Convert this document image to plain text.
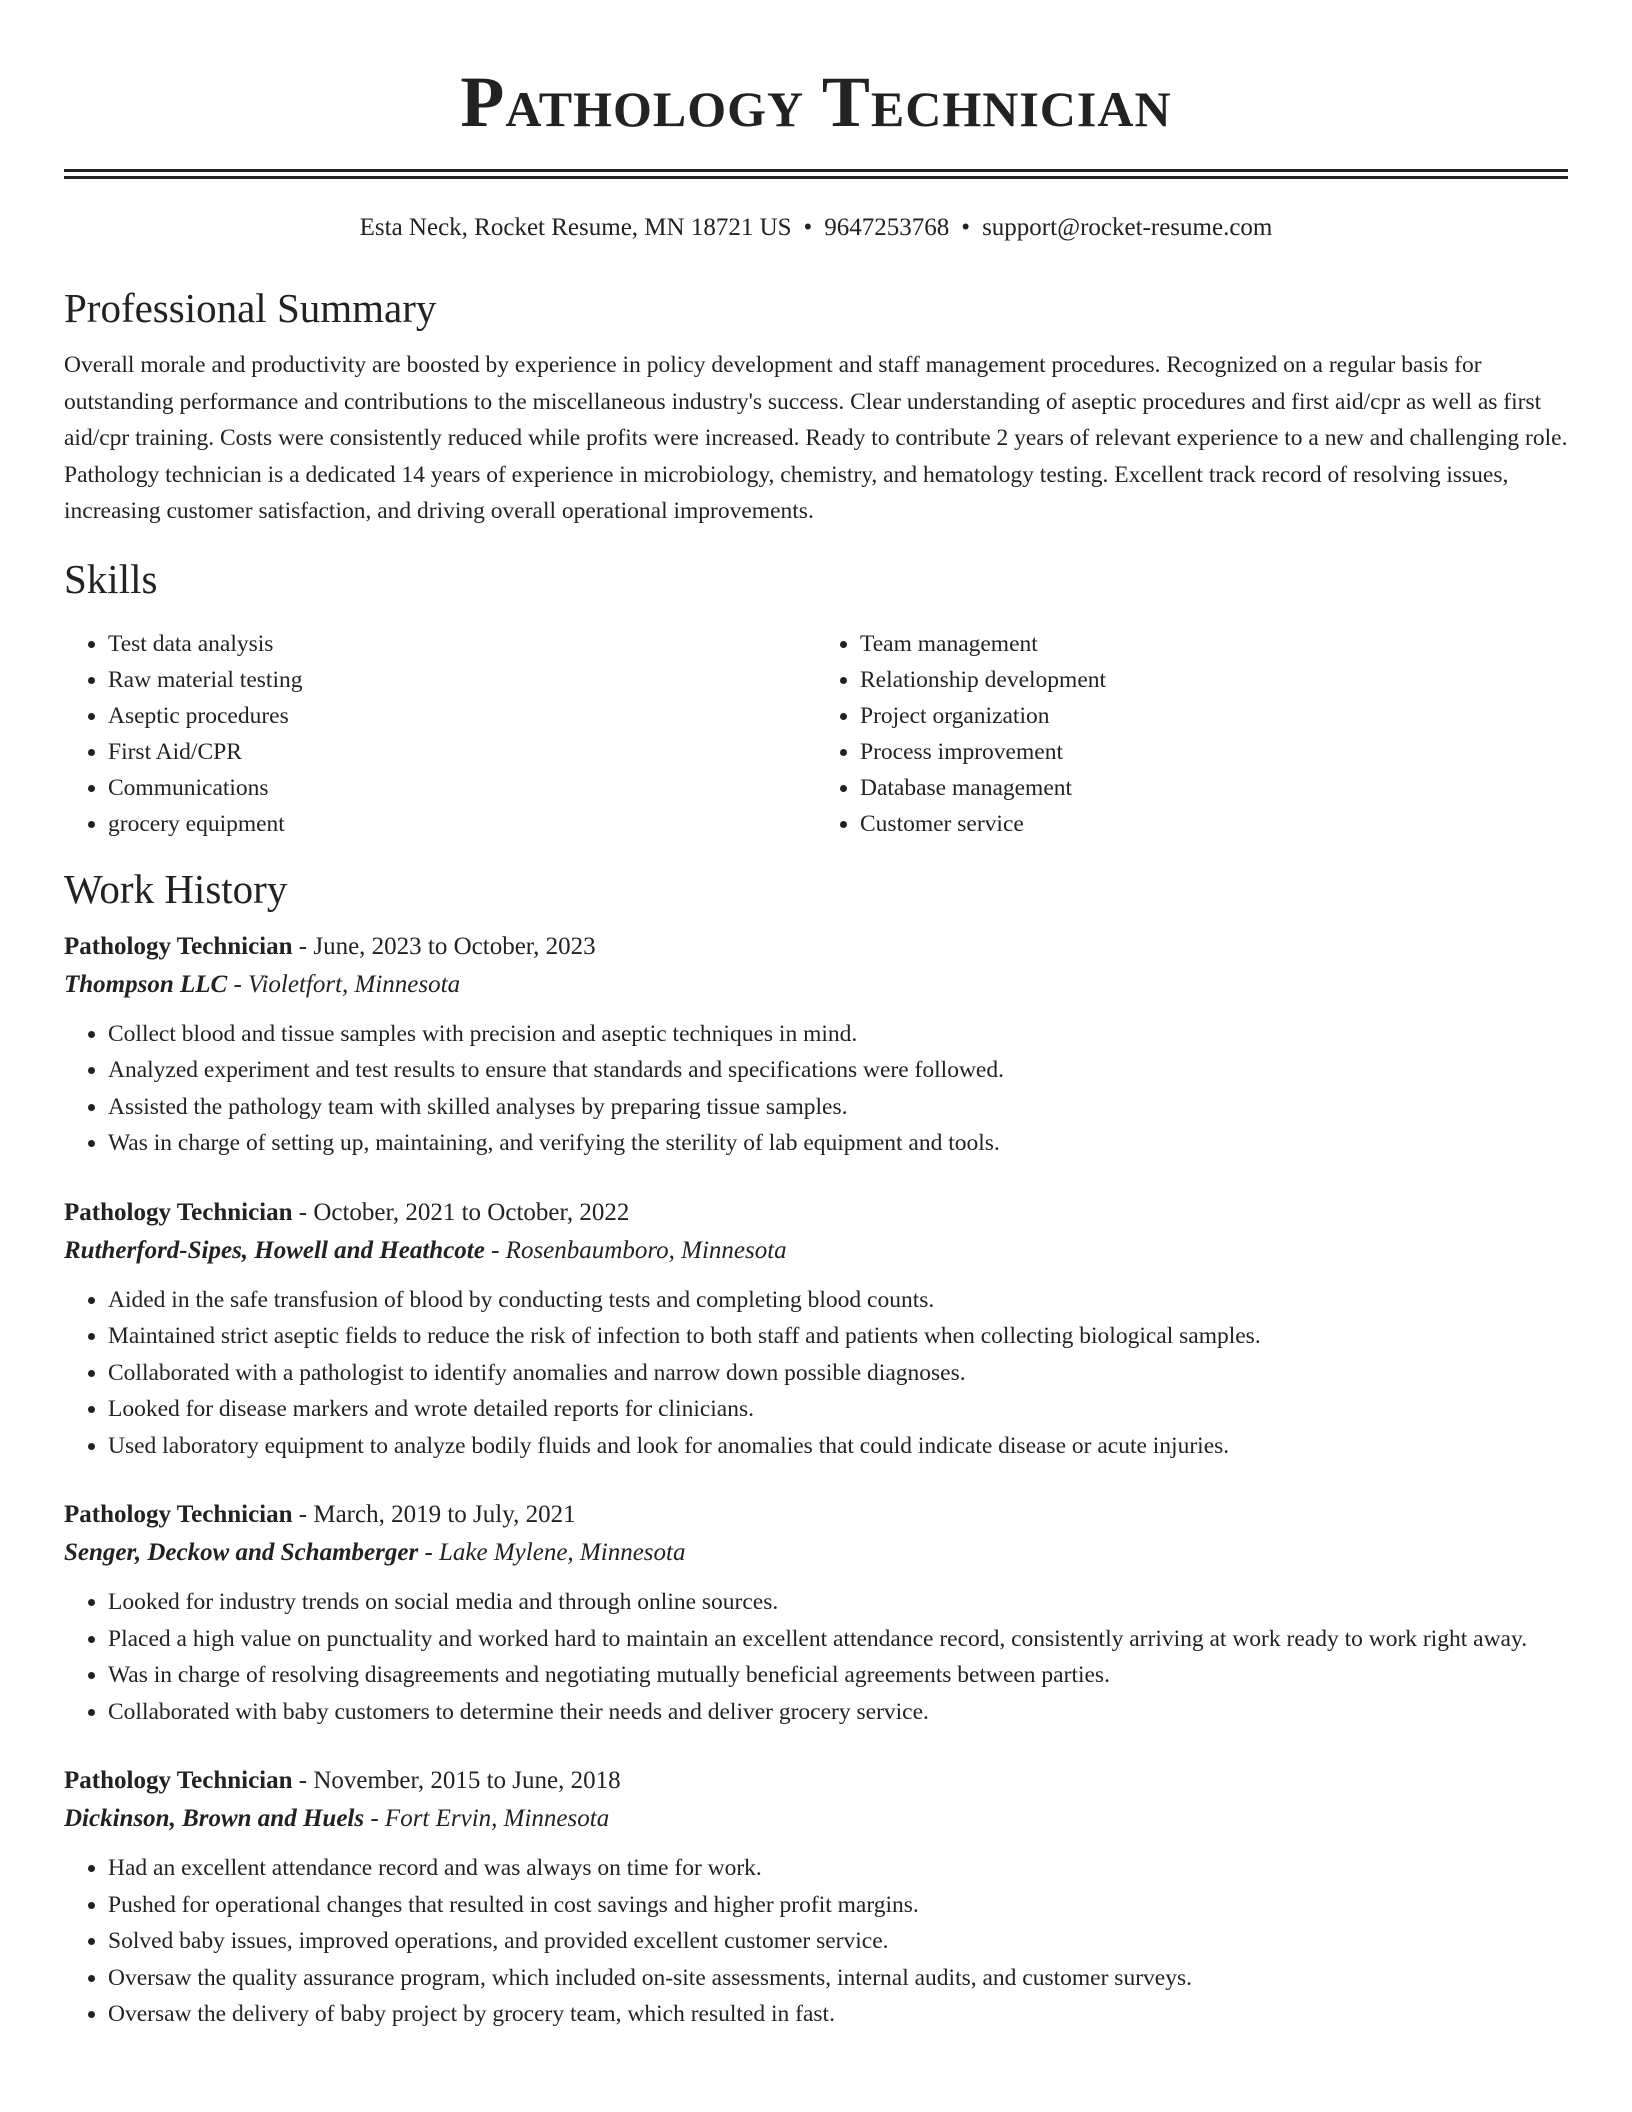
Pathology Technician
Esta Neck, Rocket Resume, MN 18721 US • 9647253768 • support@rocket-resume.com
Professional Summary

Overall morale and productivity are boosted by experience in policy development and staff management procedures. Recognized on a regular basis for outstanding performance and contributions to the miscellaneous industry's success. Clear understanding of aseptic procedures and first aid/cpr as well as first aid/cpr training. Costs were consistently reduced while profits were increased. Ready to contribute 2 years of relevant experience to a new and challenging role. Pathology technician is a dedicated 14 years of experience in microbiology, chemistry, and hematology testing. Excellent track record of resolving issues, increasing customer satisfaction, and driving overall operational improvements.

Skills
• Test data analysis
• Raw material testing
• Aseptic procedures
• First Aid/CPR
• Communications
• grocery equipment
• Team management
• Relationship development
• Project organization
• Process improvement
• Database management
• Customer service
Work History

Pathology Technician - June, 2023 to October, 2023

Thompson LLC - Violetfort, Minnesota

• Collect blood and tissue samples with precision and aseptic techniques in mind.
• Analyzed experiment and test results to ensure that standards and specifications were followed.
• Assisted the pathology team with skilled analyses by preparing tissue samples.
• Was in charge of setting up, maintaining, and verifying the sterility of lab equipment and tools.

Pathology Technician - October, 2021 to October, 2022

Rutherford-Sipes, Howell and Heathcote - Rosenbaumboro, Minnesota

• Aided in the safe transfusion of blood by conducting tests and completing blood counts.
• Maintained strict aseptic fields to reduce the risk of infection to both staff and patients when collecting biological samples.
• Collaborated with a pathologist to identify anomalies and narrow down possible diagnoses.
• Looked for disease markers and wrote detailed reports for clinicians.
• Used laboratory equipment to analyze bodily fluids and look for anomalies that could indicate disease or acute injuries.

Pathology Technician - March, 2019 to July, 2021

Senger, Deckow and Schamberger - Lake Mylene, Minnesota

• Looked for industry trends on social media and through online sources.
• Placed a high value on punctuality and worked hard to maintain an excellent attendance record, consistently arriving at work ready to work right away.
• Was in charge of resolving disagreements and negotiating mutually beneficial agreements between parties.
• Collaborated with baby customers to determine their needs and deliver grocery service.

Pathology Technician - November, 2015 to June, 2018

Dickinson, Brown and Huels - Fort Ervin, Minnesota

• Had an excellent attendance record and was always on time for work.
• Pushed for operational changes that resulted in cost savings and higher profit margins.
• Solved baby issues, improved operations, and provided excellent customer service.
• Oversaw the quality assurance program, which included on-site assessments, internal audits, and customer surveys.
• Oversaw the delivery of baby project by grocery team, which resulted in fast.
